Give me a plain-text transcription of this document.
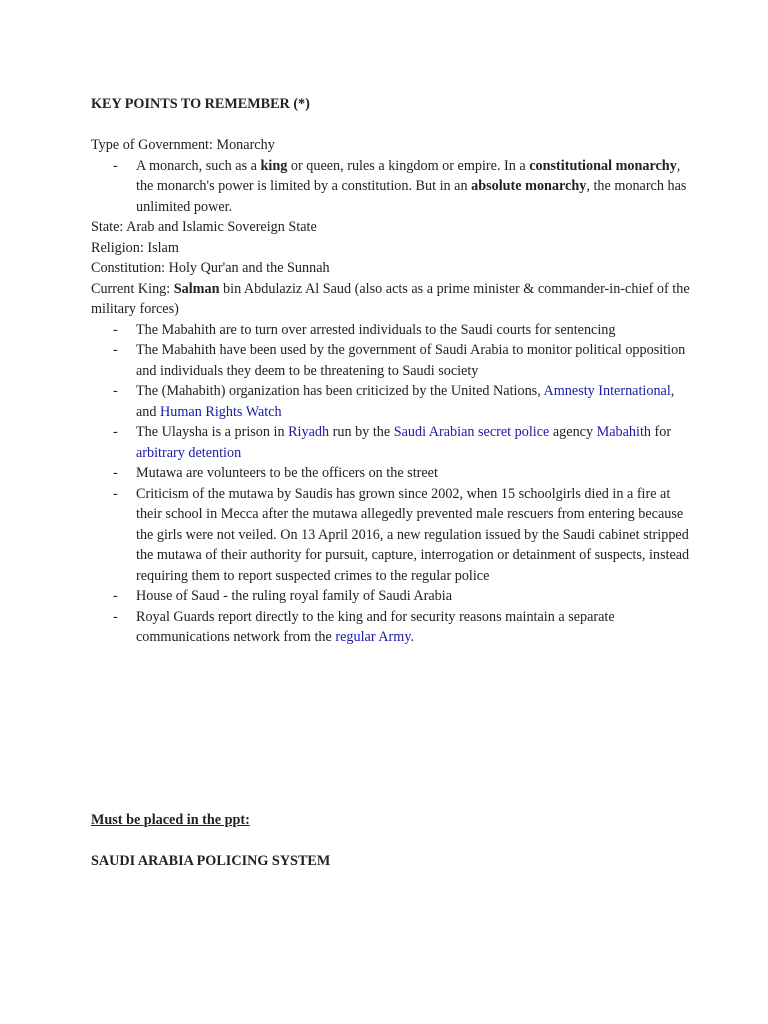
KEY POINTS TO REMEMBER (*)
Type of Government: Monarchy
- A monarch, such as a king or queen, rules a kingdom or empire. In a constitutional monarchy, the monarch's power is limited by a constitution. But in an absolute monarchy, the monarch has unlimited power.
State: Arab and Islamic Sovereign State
Religion: Islam
Constitution: Holy Qur'an and the Sunnah
Current King: Salman bin Abdulaziz Al Saud (also acts as a prime minister & commander-in-chief of the military forces)
- The Mabahith are to turn over arrested individuals to the Saudi courts for sentencing
- The Mabahith have been used by the government of Saudi Arabia to monitor political opposition and individuals they deem to be threatening to Saudi society
- The (Mahabith) organization has been criticized by the United Nations, Amnesty International, and Human Rights Watch
- The Ulaysha is a prison in Riyadh run by the Saudi Arabian secret police agency Mabahith for arbitrary detention
- Mutawa are volunteers to be the officers on the street
- Criticism of the mutawa by Saudis has grown since 2002, when 15 schoolgirls died in a fire at their school in Mecca after the mutawa allegedly prevented male rescuers from entering because the girls were not veiled. On 13 April 2016, a new regulation issued by the Saudi cabinet stripped the mutawa of their authority for pursuit, capture, interrogation or detainment of suspects, instead requiring them to report suspected crimes to the regular police
- House of Saud - the ruling royal family of Saudi Arabia
- Royal Guards report directly to the king and for security reasons maintain a separate communications network from the regular Army.
Must be placed in the ppt:
SAUDI ARABIA POLICING SYSTEM
